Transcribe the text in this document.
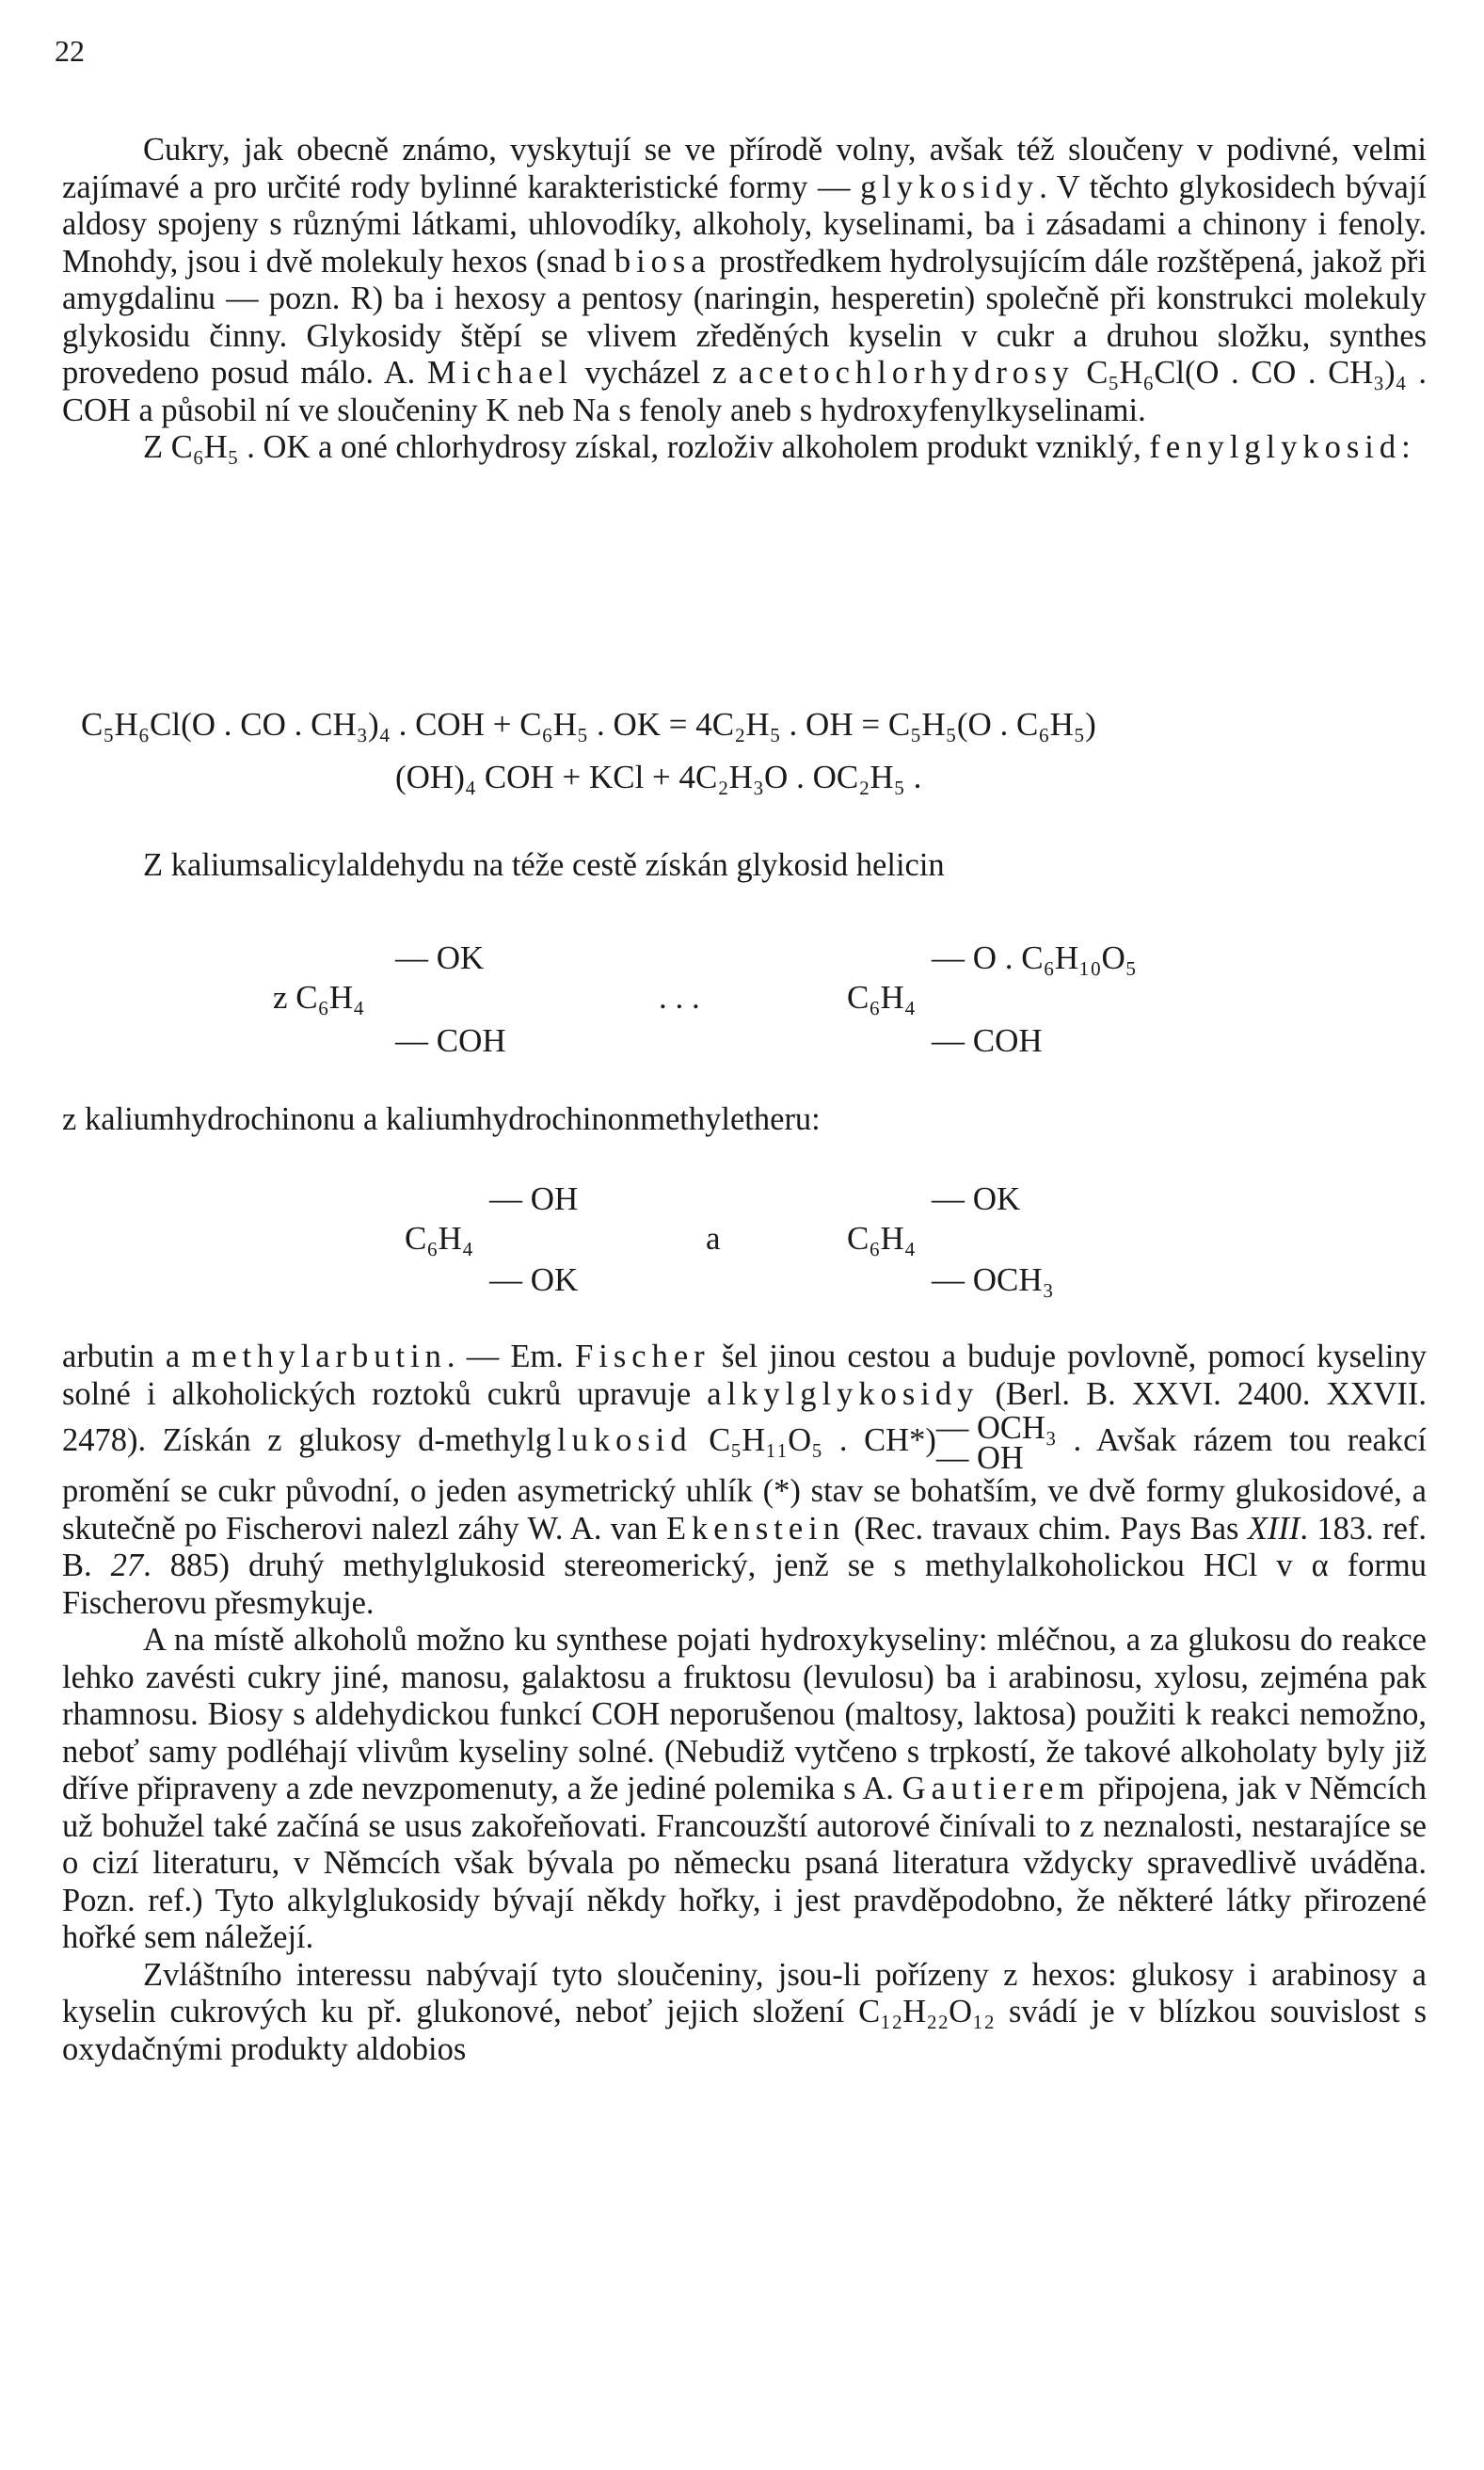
22

Cukry, jak obecně známo, vyskytují se ve přírodě volny, avšak též sloučeny v podivné, velmi zajímavé a pro určité rody bylinné karakteristické formy — glykosidy. V těchto glykosidech bývají aldosy spojeny s různými látkami, uhlovodíky, alkoholy, kyselinami, ba i zásadami a chinony i fenoly. Mnohdy, jsou i dvě molekuly hexos (snad biosa prostředkem hydrolysujícím dále rozštěpená, jakož při amygdalinu — pozn. R) ba i hexosy a pentosy (naringin, hesperetin) společně při konstrukci molekuly glykosidu činny. Glykosidy štěpí se vlivem zředěných kyselin v cukr a druhou složku, synthes provedeno posud málo. A. Michael vycházel z acetochlorhydrosy C₅H₆Cl(O . CO . CH₃)₄ . COH a působil ní ve sloučeniny K neb Na s fenoly aneb s hydroxyfenylkyselinami.

Z C₆H₅ . OK a oné chlorhydrosy získal, rozloživ alkoholem produkt vzniklý, fenylglykosid:

C₅H₆Cl(O . CO . CH₃)₄ . COH + C₆H₅ . OK = 4C₂H₅ . OH = C₅H₅(O . C₆H₅)
(OH)₄ COH + KCl + 4C₂H₃O . OC₂H₅ .

Z kaliumsalicylaldehydu na téže cestě získán glykosid helicin

— OK
z C₆H₄
— COH
. . .
— O . C₆H₁₀O₅
C₆H₄
— COH

z kaliumhydrochinonu a kaliumhydrochinonmethyletheru:

— OH
C₆H₄
— OK
a
— OK
C₆H₄
— OCH₃

arbutin a methylarbutin. — Em. Fischer šel jinou cestou a buduje povlovně, pomocí kyseliny solné i alkoholických roztoků cukrů upravuje alkylglykosidy (Berl. B. XXVI. 2400. XXVII. 2478). Získán z glukosy d-methylglukosid C₅H₁₁O₅ . CH*) — OCH₃
— OH
. Avšak rázem tou reakcí promění se cukr původní, o jeden asymetrický uhlík (*) stav se bohatším, ve dvě formy glukosidové, a skutečně po Fischerovi nalezl záhy W. A. van Ekenstein (Rec. travaux chim. Pays Bas XIII. 183. ref. B. 27. 885) druhý methylglukosid stereomerický, jenž se s methylalkoholickou HCl v α formu Fischerovu přesmykuje.

A na místě alkoholů možno ku synthese pojati hydroxykyseliny: mléčnou, a za glukosu do reakce lehko zavésti cukry jiné, manosu, galaktosu a fruktosu (levulosu) ba i arabinosu, xylosu, zejména pak rhamnosu. Biosy s aldehydickou funkcí COH neporušenou (maltosy, laktosa) použiti k reakci nemožno, neboť samy podléhají vlivům kyseliny solné. (Nebudiž vytčeno s trpkostí, že takové alkoholaty byly již dříve připraveny a zde nevzpomenuty, a že jediné polemika s A. Gautierem připojena, jak v Němcích už bohužel také začíná se usus zakořeňovati. Francouzští autorové činívali to z neznalosti, nestarajíce se o cizí literaturu, v Němcích však bývala po německu psaná literatura vždycky spravedlivě uváděna. Pozn. ref.) Tyto alkylglukosidy bývají někdy hořky, i jest pravděpodobno, že některé látky přirozené hořké sem náležejí.

Zvláštního interessu nabývají tyto sloučeniny, jsou-li pořízeny z hexos: glukosy i arabinosy a kyselin cukrových ku př. glukonové, neboť jejich složení C₁₂H₂₂O₁₂ svádí je v blízkou souvislost s oxydačnými produkty aldobios
